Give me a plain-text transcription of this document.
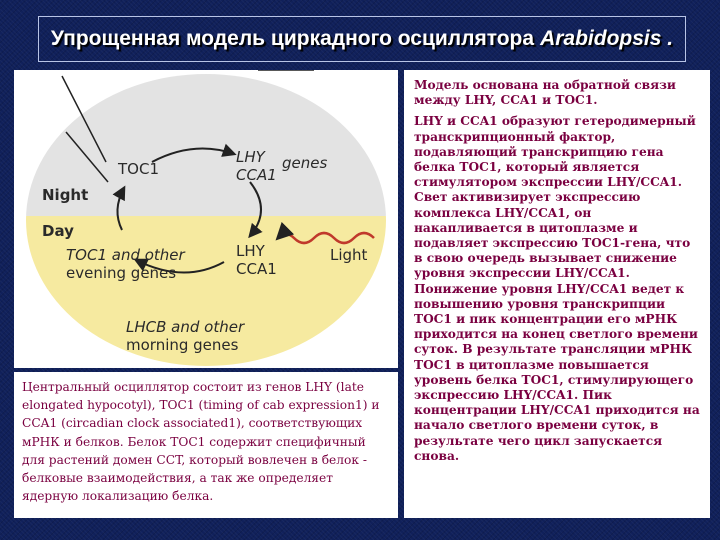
Упрощенная модель циркадного осциллятора Arabidopsis .
TOC1
LHY
CCA1
genes
Night
Day
TOC1 and other
evening genes
LHY
CCA1
Light
LHCB and other
morning genes

Модель основана на обратной связи между LHY, CCA1 и TOC1.

LHY и CCA1 образуют гетеродимерный транскрипционный фактор, подавляющий транскрипцию гена белка TOC1, который является стимулятором экспрессии LHY/CCA1. Свет активизирует экспрессию комплекса LHY/CCA1, он накапливается в цитоплазме и подавляет экспрессию TOC1-гена, что в свою очередь вызывает снижение уровня экспрессии LHY/CCA1. Понижение уровня LHY/CCA1 ведет к повышению уровня транскрипции TOC1 и пик концентрации его мРНК приходится на конец светлого времени суток. В результате трансляции мРНК TOC1 в цитоплазме повышается уровень белка TOC1, стимулирующего экспрессию LHY/CCA1. Пик концентрации LHY/CCA1 приходится на начало светлого времени суток, в результате чего цикл запускается снова.

Центральный осциллятор состоит из генов LHY (late elongated hypocotyl), TOC1 (timing of cab expression1) и CCA1 (circadian clock associated1), соответствующих мРНК и белков. Белок TOC1 содержит специфичный для растений домен CCT, который вовлечен в белок - белковые взаимодействия, а так же определяет ядерную локализацию белка.
